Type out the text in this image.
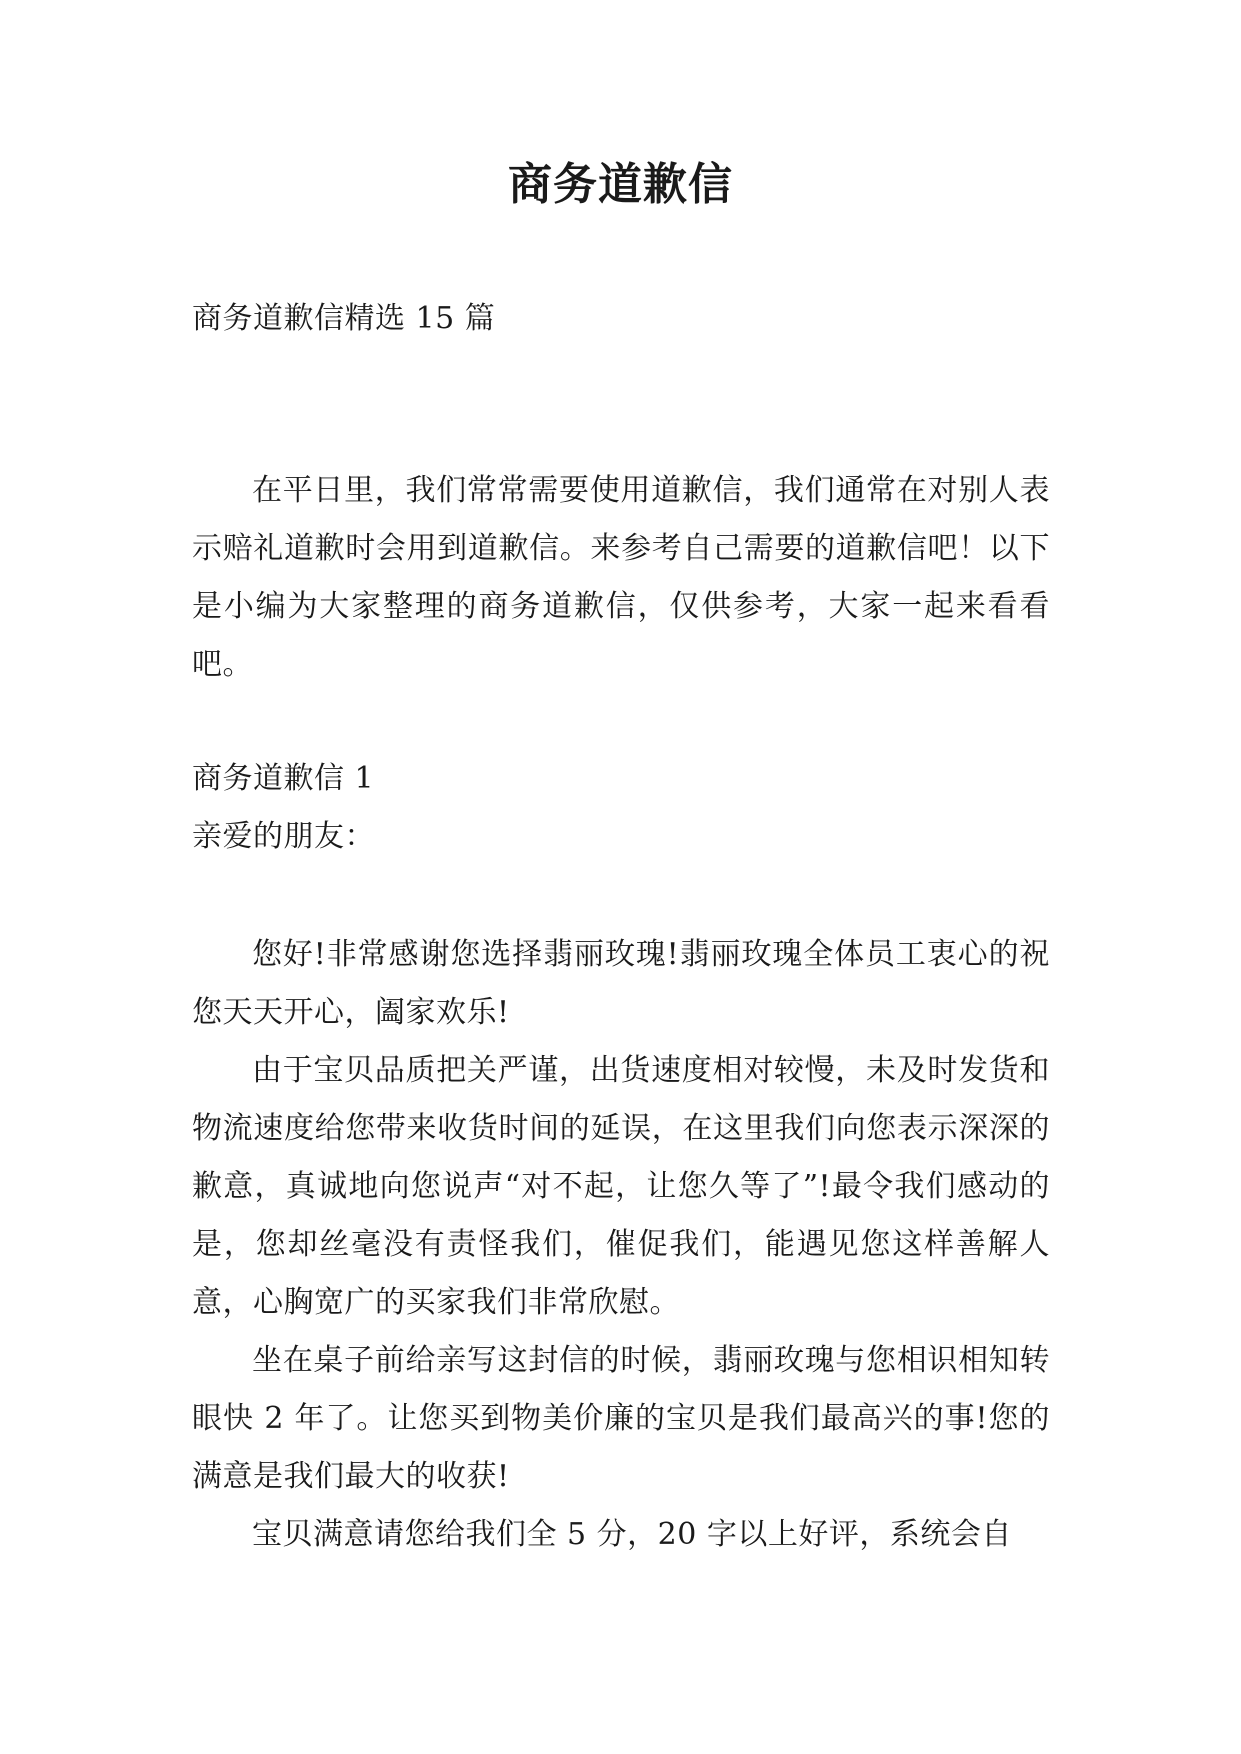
商务道歉信
商务道歉信精选 15 篇

在平日里，我们常常需要使用道歉信，我们通常在对别人表示赔礼道歉时会用到道歉信。来参考自己需要的道歉信吧！以下是小编为大家整理的商务道歉信，仅供参考，大家一起来看看吧。

商务道歉信 1

亲爱的朋友：

您好!非常感谢您选择翡丽玫瑰!翡丽玫瑰全体员工衷心的祝您天天开心，阖家欢乐!

由于宝贝品质把关严谨，出货速度相对较慢，未及时发货和物流速度给您带来收货时间的延误，在这里我们向您表示深深的歉意，真诚地向您说声“对不起，让您久等了”!最令我们感动的是，您却丝毫没有责怪我们，催促我们，能遇见您这样善解人意，心胸宽广的买家我们非常欣慰。

坐在桌子前给亲写这封信的时候，翡丽玫瑰与您相识相知转眼快 2 年了。让您买到物美价廉的宝贝是我们最高兴的事!您的满意是我们最大的收获!

宝贝满意请您给我们全 5 分，20 字以上好评，系统会自
